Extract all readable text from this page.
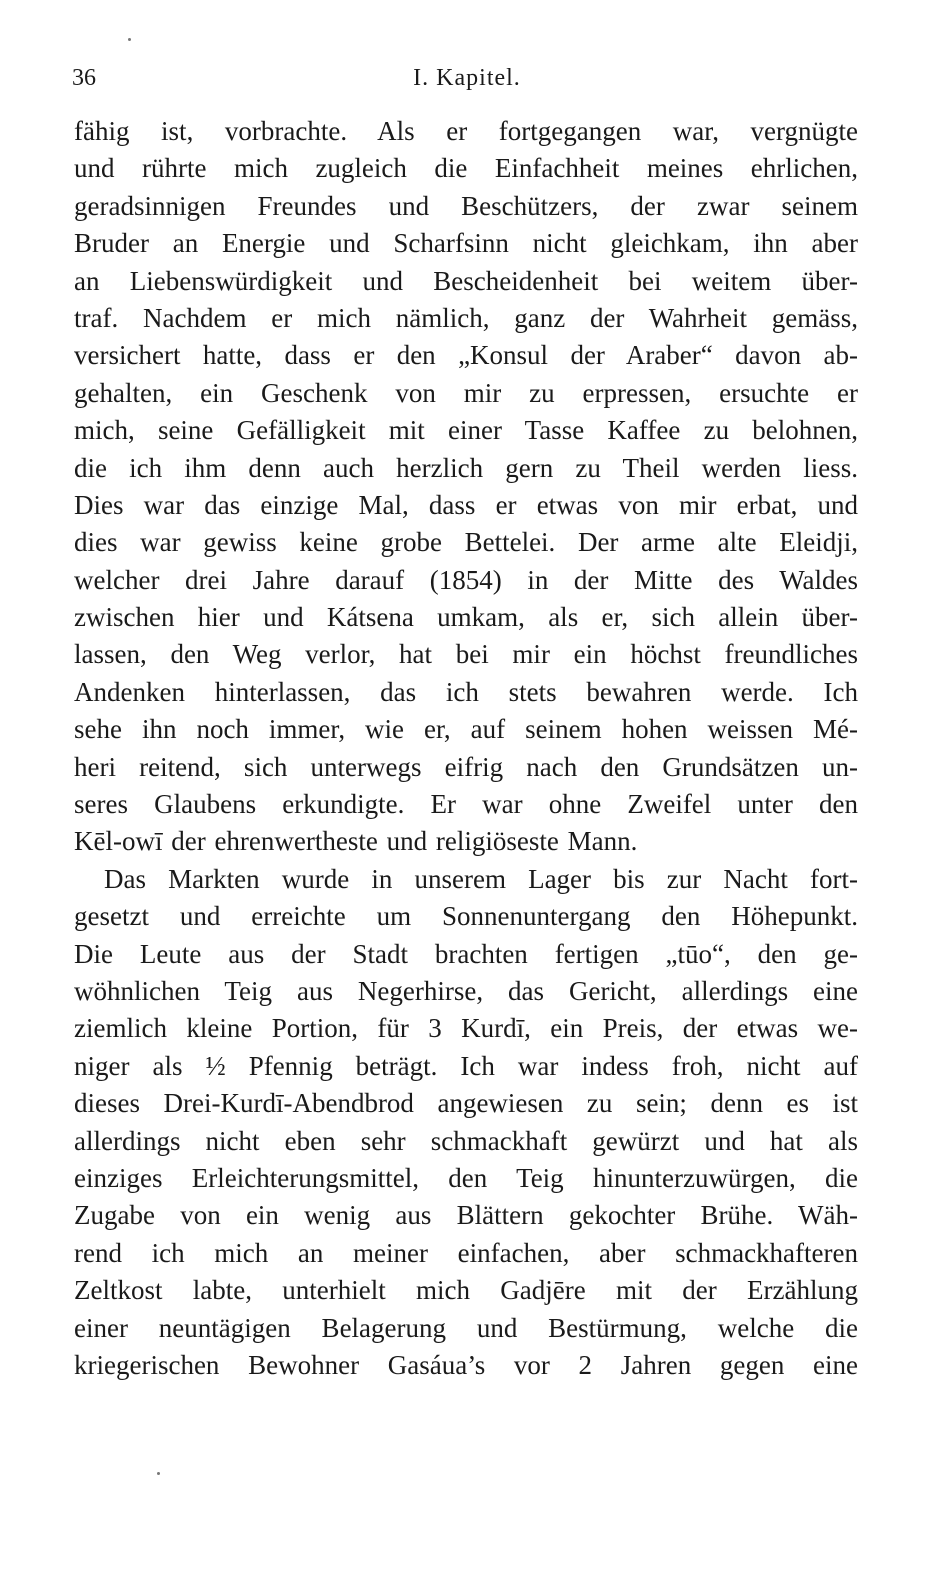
36	I. Kapitel.
fähig ist, vorbrachte. Als er fortgegangen war, vergnügte
und rührte mich zugleich die Einfachheit meines ehrlichen,
geradsinnigen Freundes und Beschützers, der zwar seinem
Bruder an Energie und Scharfsinn nicht gleichkam, ihn aber
an Liebenswürdigkeit und Bescheidenheit bei weitem über-
traf. Nachdem er mich nämlich, ganz der Wahrheit gemäss,
versichert hatte, dass er den „Konsul der Araber“ davon ab-
gehalten, ein Geschenk von mir zu erpressen, ersuchte er
mich, seine Gefälligkeit mit einer Tasse Kaffee zu belohnen,
die ich ihm denn auch herzlich gern zu Theil werden liess.
Dies war das einzige Mal, dass er etwas von mir erbat, und
dies war gewiss keine grobe Bettelei. Der arme alte Eleidji,
welcher drei Jahre darauf (1854) in der Mitte des Waldes
zwischen hier und Kátsena umkam, als er, sich allein über-
lassen, den Weg verlor, hat bei mir ein höchst freundliches
Andenken hinterlassen, das ich stets bewahren werde. Ich
sehe ihn noch immer, wie er, auf seinem hohen weissen Mé-
heri reitend, sich unterwegs eifrig nach den Grundsätzen un-
seres Glaubens erkundigte. Er war ohne Zweifel unter den
Kēl-owī der ehrenwertheste und religiöseste Mann.
Das Markten wurde in unserem Lager bis zur Nacht fort-
gesetzt und erreichte um Sonnenuntergang den Höhepunkt.
Die Leute aus der Stadt brachten fertigen „tūo“, den ge-
wöhnlichen Teig aus Negerhirse, das Gericht, allerdings eine
ziemlich kleine Portion, für 3 Kurdī, ein Preis, der etwas we-
niger als ½ Pfennig beträgt. Ich war indess froh, nicht auf
dieses Drei-Kurdī-Abendbrod angewiesen zu sein; denn es ist
allerdings nicht eben sehr schmackhaft gewürzt und hat als
einziges Erleichterungsmittel, den Teig hinunterzuwürgen, die
Zugabe von ein wenig aus Blättern gekochter Brühe. Wäh-
rend ich mich an meiner einfachen, aber schmackhafteren
Zeltkost labte, unterhielt mich Gadjēre mit der Erzählung
einer neuntägigen Belagerung und Bestürmung, welche die
kriegerischen Bewohner Gasáua’s vor 2 Jahren gegen eine
